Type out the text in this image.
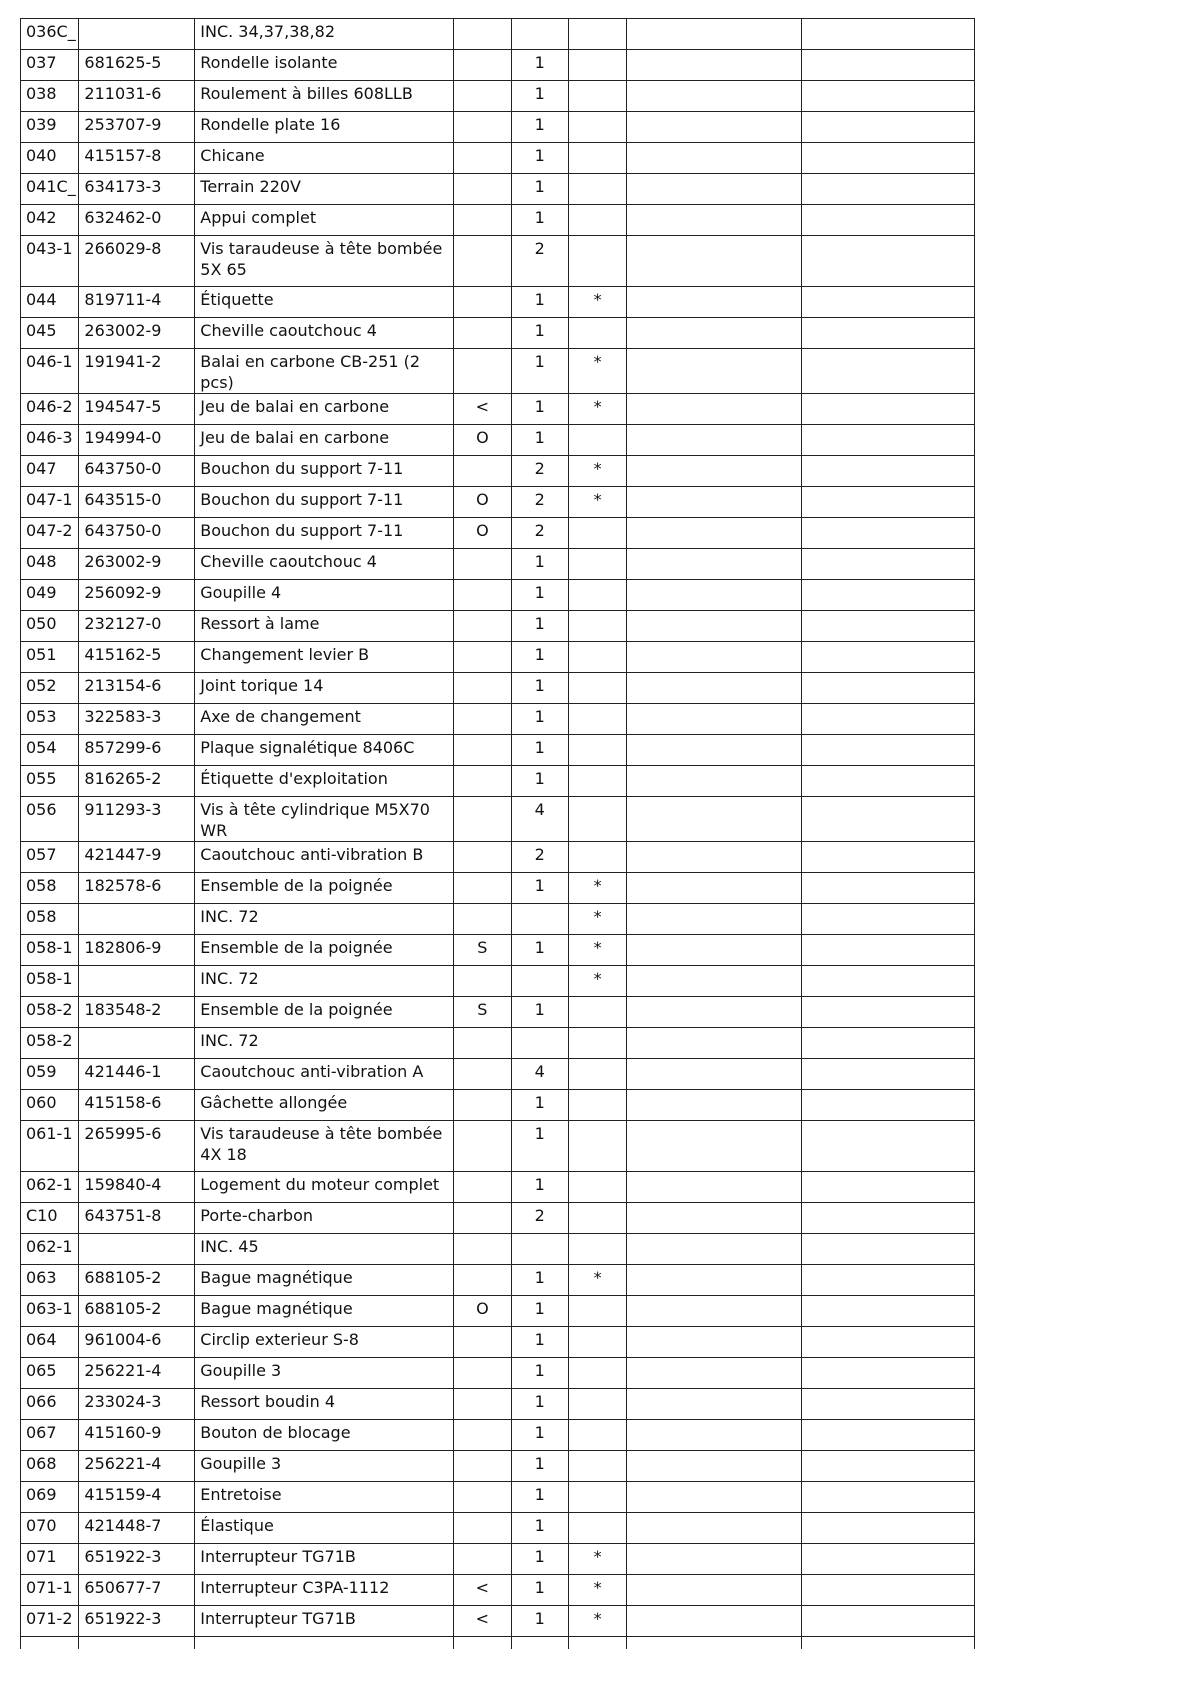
036C_		INC. 34,37,38,82					
037	681625-5	Rondelle isolante		1			
038	211031-6	Roulement à billes 608LLB		1			
039	253707-9	Rondelle plate 16		1			
040	415157-8	Chicane		1			
041C_	634173-3	Terrain 220V		1			
042	632462-0	Appui complet		1			
043-1	266029-8	Vis taraudeuse à tête bombée 5X 65		2			
044	819711-4	Étiquette		1	*		
045	263002-9	Cheville caoutchouc 4		1			
046-1	191941-2	Balai en carbone CB-251 (2 pcs)		1	*		
046-2	194547-5	Jeu de balai en carbone	<	1	*		
046-3	194994-0	Jeu de balai en carbone	O	1			
047	643750-0	Bouchon du support 7-11		2	*		
047-1	643515-0	Bouchon du support 7-11	O	2	*		
047-2	643750-0	Bouchon du support 7-11	O	2			
048	263002-9	Cheville caoutchouc 4		1			
049	256092-9	Goupille 4		1			
050	232127-0	Ressort à lame		1			
051	415162-5	Changement levier B		1			
052	213154-6	Joint torique 14		1			
053	322583-3	Axe de changement		1			
054	857299-6	Plaque signalétique 8406C		1			
055	816265-2	Étiquette d'exploitation		1			
056	911293-3	Vis à tête cylindrique M5X70 WR		4			
057	421447-9	Caoutchouc anti-vibration B		2			
058	182578-6	Ensemble de la poignée		1	*		
058		INC. 72			*		
058-1	182806-9	Ensemble de la poignée	S	1	*		
058-1		INC. 72			*		
058-2	183548-2	Ensemble de la poignée	S	1			
058-2		INC. 72					
059	421446-1	Caoutchouc anti-vibration A		4			
060	415158-6	Gâchette allongée		1			
061-1	265995-6	Vis taraudeuse à tête bombée 4X 18		1			
062-1	159840-4	Logement du moteur complet		1			
C10	643751-8	Porte-charbon		2			
062-1		INC. 45					
063	688105-2	Bague magnétique		1	*		
063-1	688105-2	Bague magnétique	O	1			
064	961004-6	Circlip exterieur S-8		1			
065	256221-4	Goupille 3		1			
066	233024-3	Ressort boudin 4		1			
067	415160-9	Bouton de blocage		1			
068	256221-4	Goupille 3		1			
069	415159-4	Entretoise		1			
070	421448-7	Élastique		1			
071	651922-3	Interrupteur TG71B		1	*		
071-1	650677-7	Interrupteur C3PA-1112	<	1	*		
071-2	651922-3	Interrupteur TG71B	<	1	*		
